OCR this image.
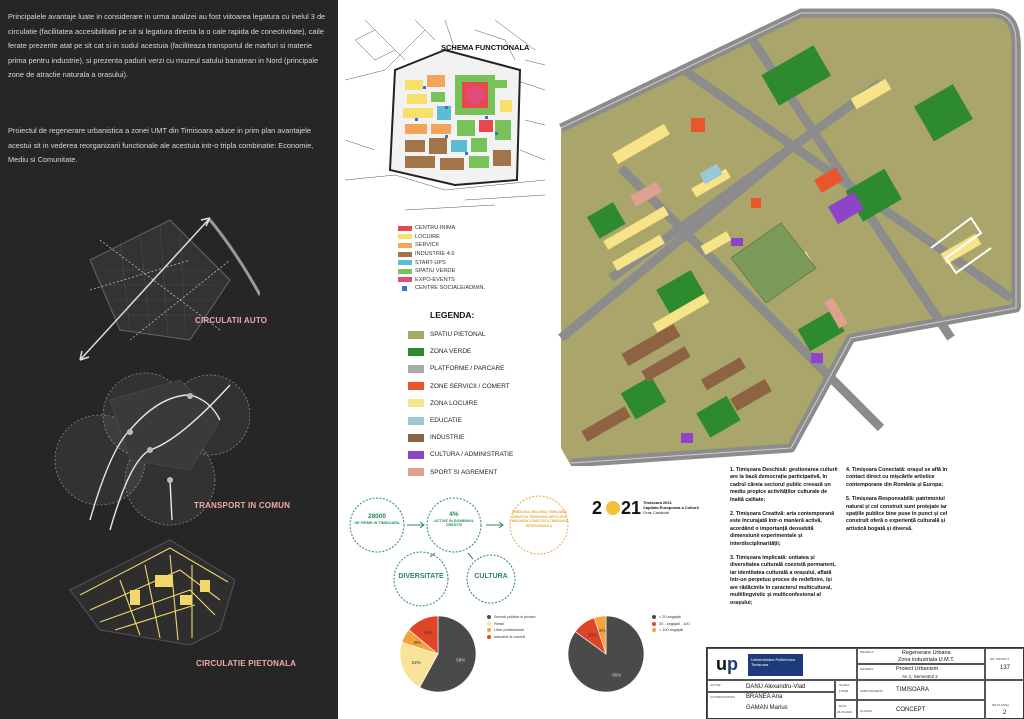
Principalele avantaje luate in considerare in urma analizei au fost viitoarea legatura cu inelul 3 de circulatie (facilitatea accesibilitatii pe sit si legatura directa la o cale rapida de conectivitate), caile ferate prezente atat pe sit cat si in sudul acestuia (faciliteaza transportul de marfuri si materie prima pentru industrie), si prezenta padurii verzi cu muzeul satului banatean in Nord (principale zone de atractie naturala a orasului).
Proiectul de regenerare urbanistica a zonei UMT din Timisoara aduce in prim plan avantajele acestui sit in vederea reorganizarii functionale ale acestuia intr-o tripla combinatie: Economie, Mediu si Comunitate.
CIRCULATII AUTO
TRANSPORT IN COMUN
CIRCULATIE PIETONALA
SCHEMA FUNCTIONALA
CENTRU INIMA
LOCUIRE
SERVICII
INDUSTRIE 4.0
START-UPS
SPATIU VERDE
EXPO-EVENTS
CENTRE SOCIALE/ADMIN.
LEGENDA:
SPATIU PIETONAL
ZONA VERDE
PLATFORME / PARCARE
ZONE SERVICII / COMERT
ZONA LOCUIRE
EDUCATIE
INDUSTRIE
CULTURA / ADMINISTRATIE
SPORT SI AGREMENT
28000
DE FIRME IN TIMISOARA
4%
ACTIVE IN DOMENIUL CREATIV
TIMISOARA DESCHISA TIMISOARA CREATIVA TIMISOARA IMPLICATA TIMISOARA CONECTATA TIMISOARA RESPONSABILA
DIVERSITATE	CULTURA
2 21 Timisoara 2021
Capitala Europeana a Culturii
Oraș Candidat

1. Timișoara Deschisă: gestionarea culturii are la bază democrația participativă, în cadrul căreia sectorul public creează un mediu propice activităților culturale de înaltă calitate;

2. Timișoara Creativă: arta contemporană este încurajată într-o manieră activă, acordând o importanță deosebită dimensiunii experimentale și interdisciplinarității;

3. Timișoara Implicată: unitatea și diversitatea culturală coexistă permanent, iar identitatea culturală a orașului, aflată într-un perpetuu proces de redefinire, își are rădăcinile în caracterul multicultural, multilingvistic și multiconfesional al orașului;

4. Timișoara Conectată: orașul se află în contact direct cu mișcările artistice contemporane din România și Europa;

5. Timișoara Responsabilă: patrimoniul natural și cel construit sunt protejate iar spațiile publice bine puse în punct și cel construit oferă o experiență culturală și artistică bogată și diversă.

58%
22%
6%
14%
Servicii publice si private
Retail
Liber profesionisti
Industrie si comert
85%
10%
5%
< 20 angajati
20 - angajati - 100
> 100 angajati
up	Universitatea Politehnica Timisoara
PROIECT:	Regenerare Urbana
Zona industriala U.M.T.	NR. PROIECT
137
MATERIA:	Proiect Urbanism
An 1, Semestrul 2
AUTOR:	DANU Alexandru-Vlad	SCARA
1:5000	AMPLASAMENT: TIMISOARA
COORDONATORI: BRANEA Ana
GAMAN Marius	DATA
26.06.2020	PLANSA:	CONCEPT
NR.PLANSA
2
